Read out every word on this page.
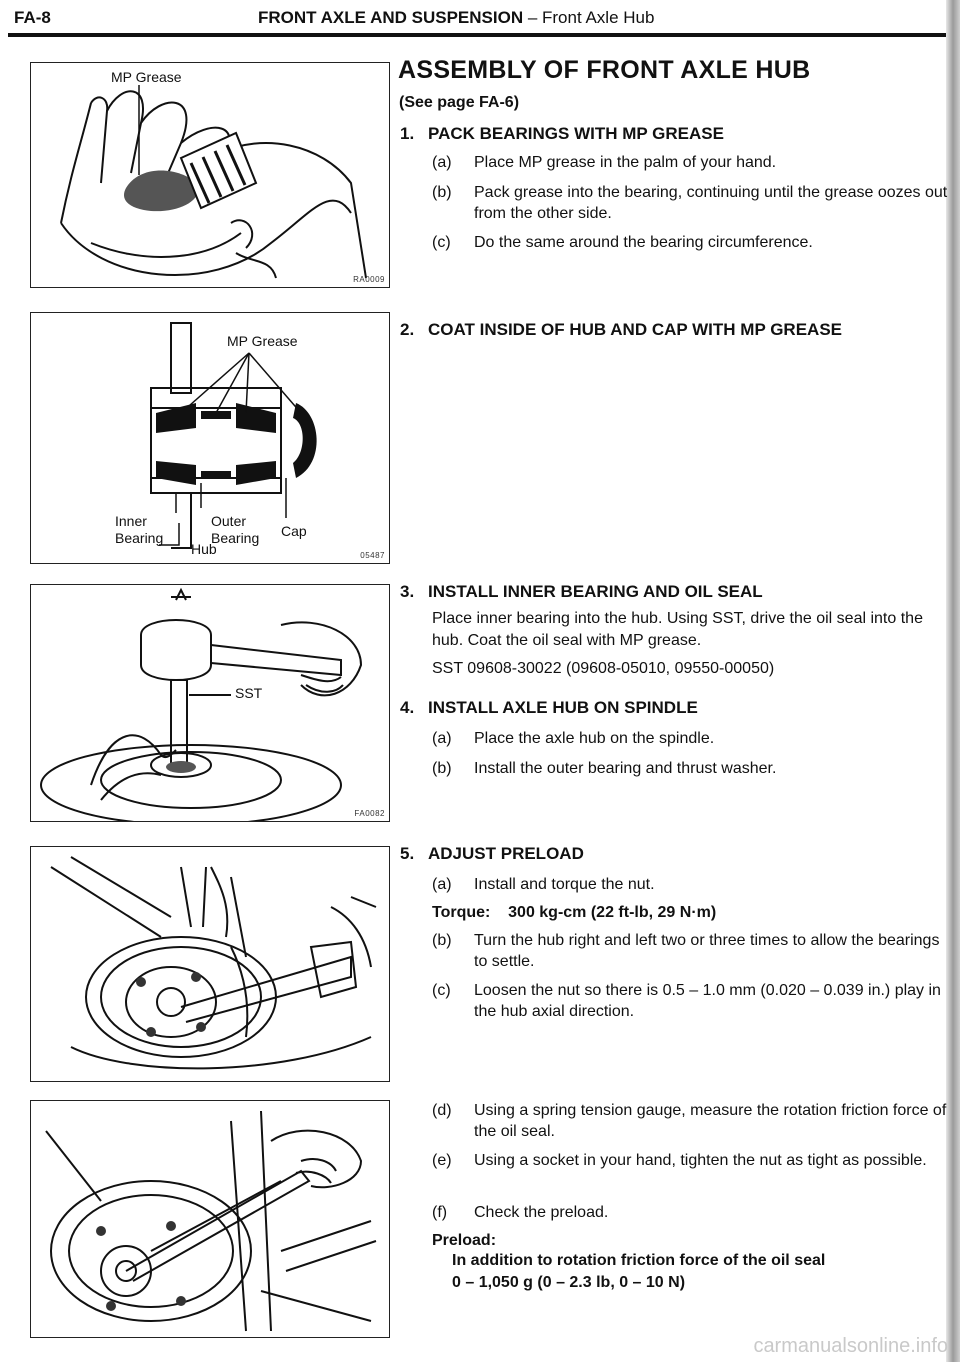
FA-8	FRONT AXLE AND SUSPENSION – Front Axle Hub
MP Grease
RA0009
MP Grease
Inner
Bearing
Outer
Bearing Cap
Hub	05487
SST
FA0082
ASSEMBLY OF FRONT AXLE HUB
(See page FA-6)
1. PACK BEARINGS WITH MP GREASE
(a) Place MP grease in the palm of your hand.
(b) Pack grease into the bearing, continuing until the grease oozes out from the other side.
(c) Do the same around the bearing circumference.
2. COAT INSIDE OF HUB AND CAP WITH MP GREASE
3. INSTALL INNER BEARING AND OIL SEAL
Place inner bearing into the hub. Using SST, drive the oil seal into the hub. Coat the oil seal with MP grease.
SST 09608-30022 (09608-05010, 09550-00050)
4. INSTALL AXLE HUB ON SPINDLE
(a) Place the axle hub on the spindle.
(b) Install the outer bearing and thrust washer.
5. ADJUST PRELOAD
(a) Install and torque the nut.
Torque: 300 kg-cm (22 ft-lb, 29 N·m)
(b) Turn the hub right and left two or three times to allow the bearings to settle.
(c) Loosen the nut so there is 0.5 – 1.0 mm (0.020 – 0.039 in.) play in the hub axial direction.
(d) Using a spring tension gauge, measure the rotation friction force of the oil seal.
(e) Using a socket in your hand, tighten the nut as tight as possible.
(f) Check the preload.
Preload:
In addition to rotation friction force of the oil seal
0 – 1,050 g (0 – 2.3 lb, 0 – 10 N)
carmanualsonline.info
